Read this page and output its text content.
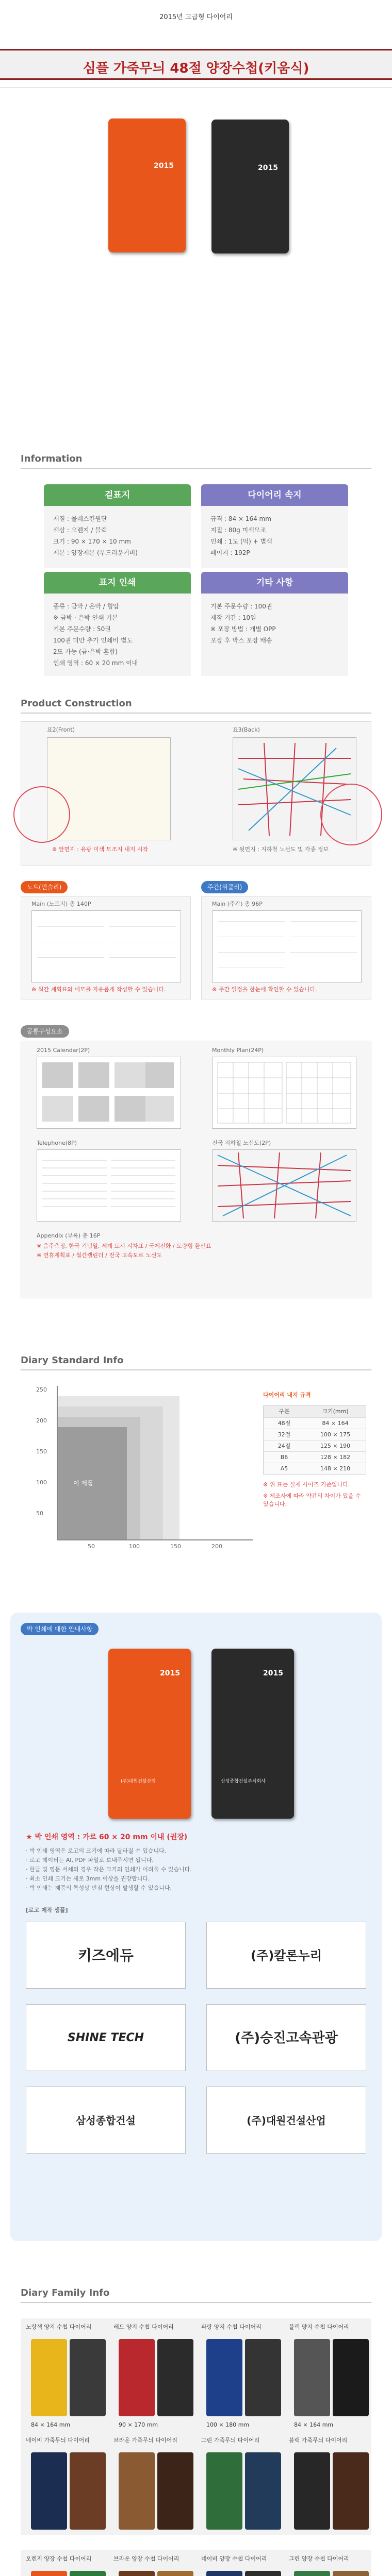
2015년 고급형 다이어리
심플 가죽무늬 48절 양장수첩(키움식)
2015	2015
Information
겉표지
재질 : 몰레스킨원단
색상 : 오렌지 / 블랙
크기 : 90 × 170 × 10 mm
제본 : 양장제본 (부드러운커버)
다이어리 속지
규격 : 84 × 164 mm
지질 : 80g 미색모조
인쇄 : 1도 (먹) + 별색
페이지 : 192P
표지 인쇄
종류 : 금박 / 은박 / 형압
※ 금박 · 은박 인쇄 기본
기본 주문수량 : 50권
100권 미만 추가 인쇄비 별도
2도 가능 (금·은박 혼합)
인쇄 영역 : 60 × 20 mm 이내
기타 사항
기본 주문수량 : 100권
제작 기간 : 10일
※ 포장 방법 : 개별 OPP
포장 후 박스 포장 배송
Product Construction
표2(Front)	표3(Back)
※ 앞면지 : 유광 미색 모조지 내지 시작	※ 뒷면지 : 지하철 노선도 및 각종 정보
노트(먼슬리)	주간(위클리)
Main (노트지) 총 140P
※ 월간 계획표와 메모를 자유롭게 작성할 수 있습니다.
Main (주간) 총 96P
※ 주간 일정을 한눈에 확인할 수 있습니다.
공통구성요소
2015 Calendar(2P)	Monthly Plan(24P)
Telephone(8P)	전국 지하철 노선도(2P)
Appendix (부록) 총 16P
※ 음주측정, 한국 기념일, 세계 도시 시차표 / 국제전화 / 도량형 환산표
※ 연휴계획표 / 월간캘린더 / 전국 고속도로 노선도
Diary Standard Info
250
200
150
100
50
50	100	150	200
이 제품
다이어리 내지 규격
구분	크기(mm)
48절	84 × 164
32절	100 × 175
24절	125 × 190
B6	128 × 182
A5	148 × 210
※ 위 표는 실제 사이즈 기준입니다.
※ 제조사에 따라 약간의 차이가 있을 수 있습니다.
박 인쇄에 대한 안내사항
2015
(주)대원건설산업
2015
삼성종합건설주식회사
★ 박 인쇄 영역 : 가로 60 × 20 mm 이내 (권장)
· 박 인쇄 영역은 로고의 크기에 따라 달라질 수 있습니다.
· 로고 데이터는 AI, PDF 파일로 보내주시면 됩니다.
· 한글 및 영문 서체의 경우 작은 크기의 인쇄가 어려울 수 있습니다.
· 최소 인쇄 크기는 세로 3mm 이상을 권장합니다.
· 박 인쇄는 제품의 특성상 번짐 현상이 발생할 수 있습니다.
[로고 제작 샘플]
키즈에듀	(주)칼론누리
SHINE TECH	(주)승진고속관광
삼성종합건설	(주)대원건설산업
Diary Family Info
노랑색 양지 수첩 다이어리	레드 양지 수첩 다이어리	파랑 양지 수첩 다이어리	블랙 양지 수첩 다이어리
84 × 164 mm	90 × 170 mm	100 × 180 mm	84 × 164 mm
네이비 가죽무늬 다이어리	브라운 가죽무늬 다이어리	그린 가죽무늬 다이어리	블랙 가죽무늬 다이어리
오렌지 양장 수첩 다이어리	브라운 양장 수첩 다이어리	네이비 양장 수첩 다이어리	그린 양장 수첩 다이어리
